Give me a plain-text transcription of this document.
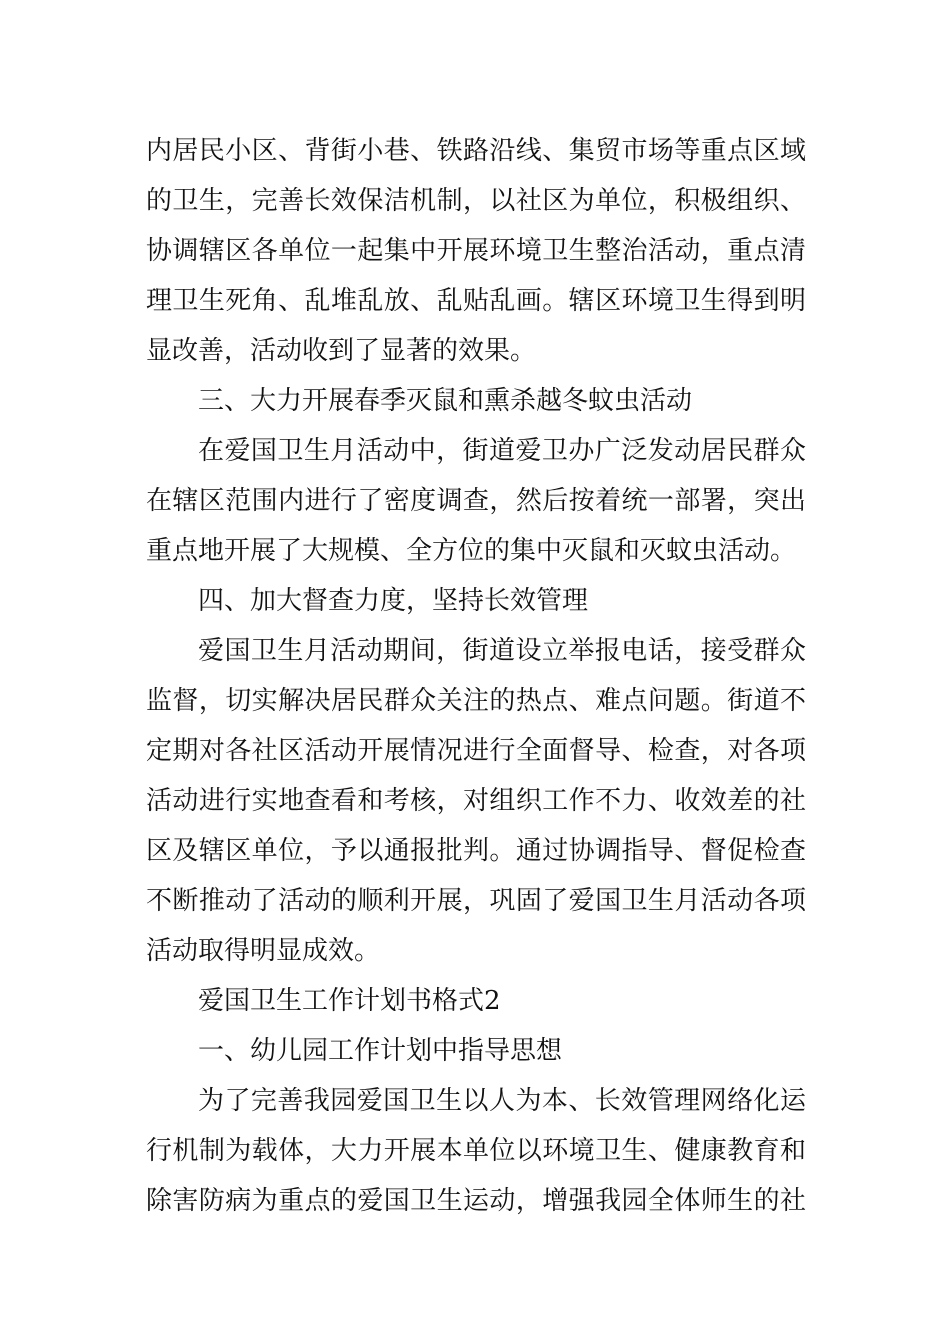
内居民小区、背街小巷、铁路沿线、集贸市场等重点区域
的卫生，完善长效保洁机制，以社区为单位，积极组织、
协调辖区各单位一起集中开展环境卫生整治活动，重点清
理卫生死角、乱堆乱放、乱贴乱画。辖区环境卫生得到明
显改善，活动收到了显著的效果。
三、大力开展春季灭鼠和熏杀越冬蚊虫活动
在爱国卫生月活动中，街道爱卫办广泛发动居民群众
在辖区范围内进行了密度调查，然后按着统一部署，突出
重点地开展了大规模、全方位的集中灭鼠和灭蚊虫活动。
四、加大督查力度，坚持长效管理
爱国卫生月活动期间，街道设立举报电话，接受群众
监督，切实解决居民群众关注的热点、难点问题。街道不
定期对各社区活动开展情况进行全面督导、检查，对各项
活动进行实地查看和考核，对组织工作不力、收效差的社
区及辖区单位，予以通报批判。通过协调指导、督促检查
不断推动了活动的顺利开展，巩固了爱国卫生月活动各项
活动取得明显成效。
爱国卫生工作计划书格式2
一、幼儿园工作计划中指导思想
为了完善我园爱国卫生以人为本、长效管理网络化运
行机制为载体，大力开展本单位以环境卫生、健康教育和
除害防病为重点的爱国卫生运动，增强我园全体师生的社
